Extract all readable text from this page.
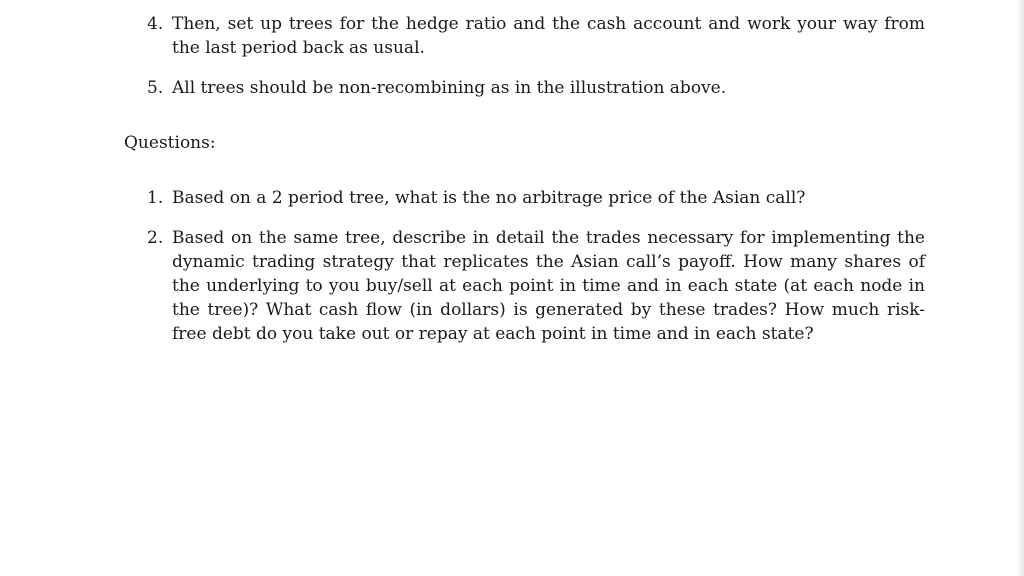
4. Then, set up trees for the hedge ratio and the cash account and work your way from the last period back as usual.
5. All trees should be non-recombining as in the illustration above.
Questions:
1. Based on a 2 period tree, what is the no arbitrage price of the Asian call?
2. Based on the same tree, describe in detail the trades necessary for implementing the dynamic trading strategy that replicates the Asian call’s payoff. How many shares of the underlying to you buy/sell at each point in time and in each state (at each node in the tree)? What cash flow (in dollars) is generated by these trades? How much risk-free debt do you take out or repay at each point in time and in each state?
